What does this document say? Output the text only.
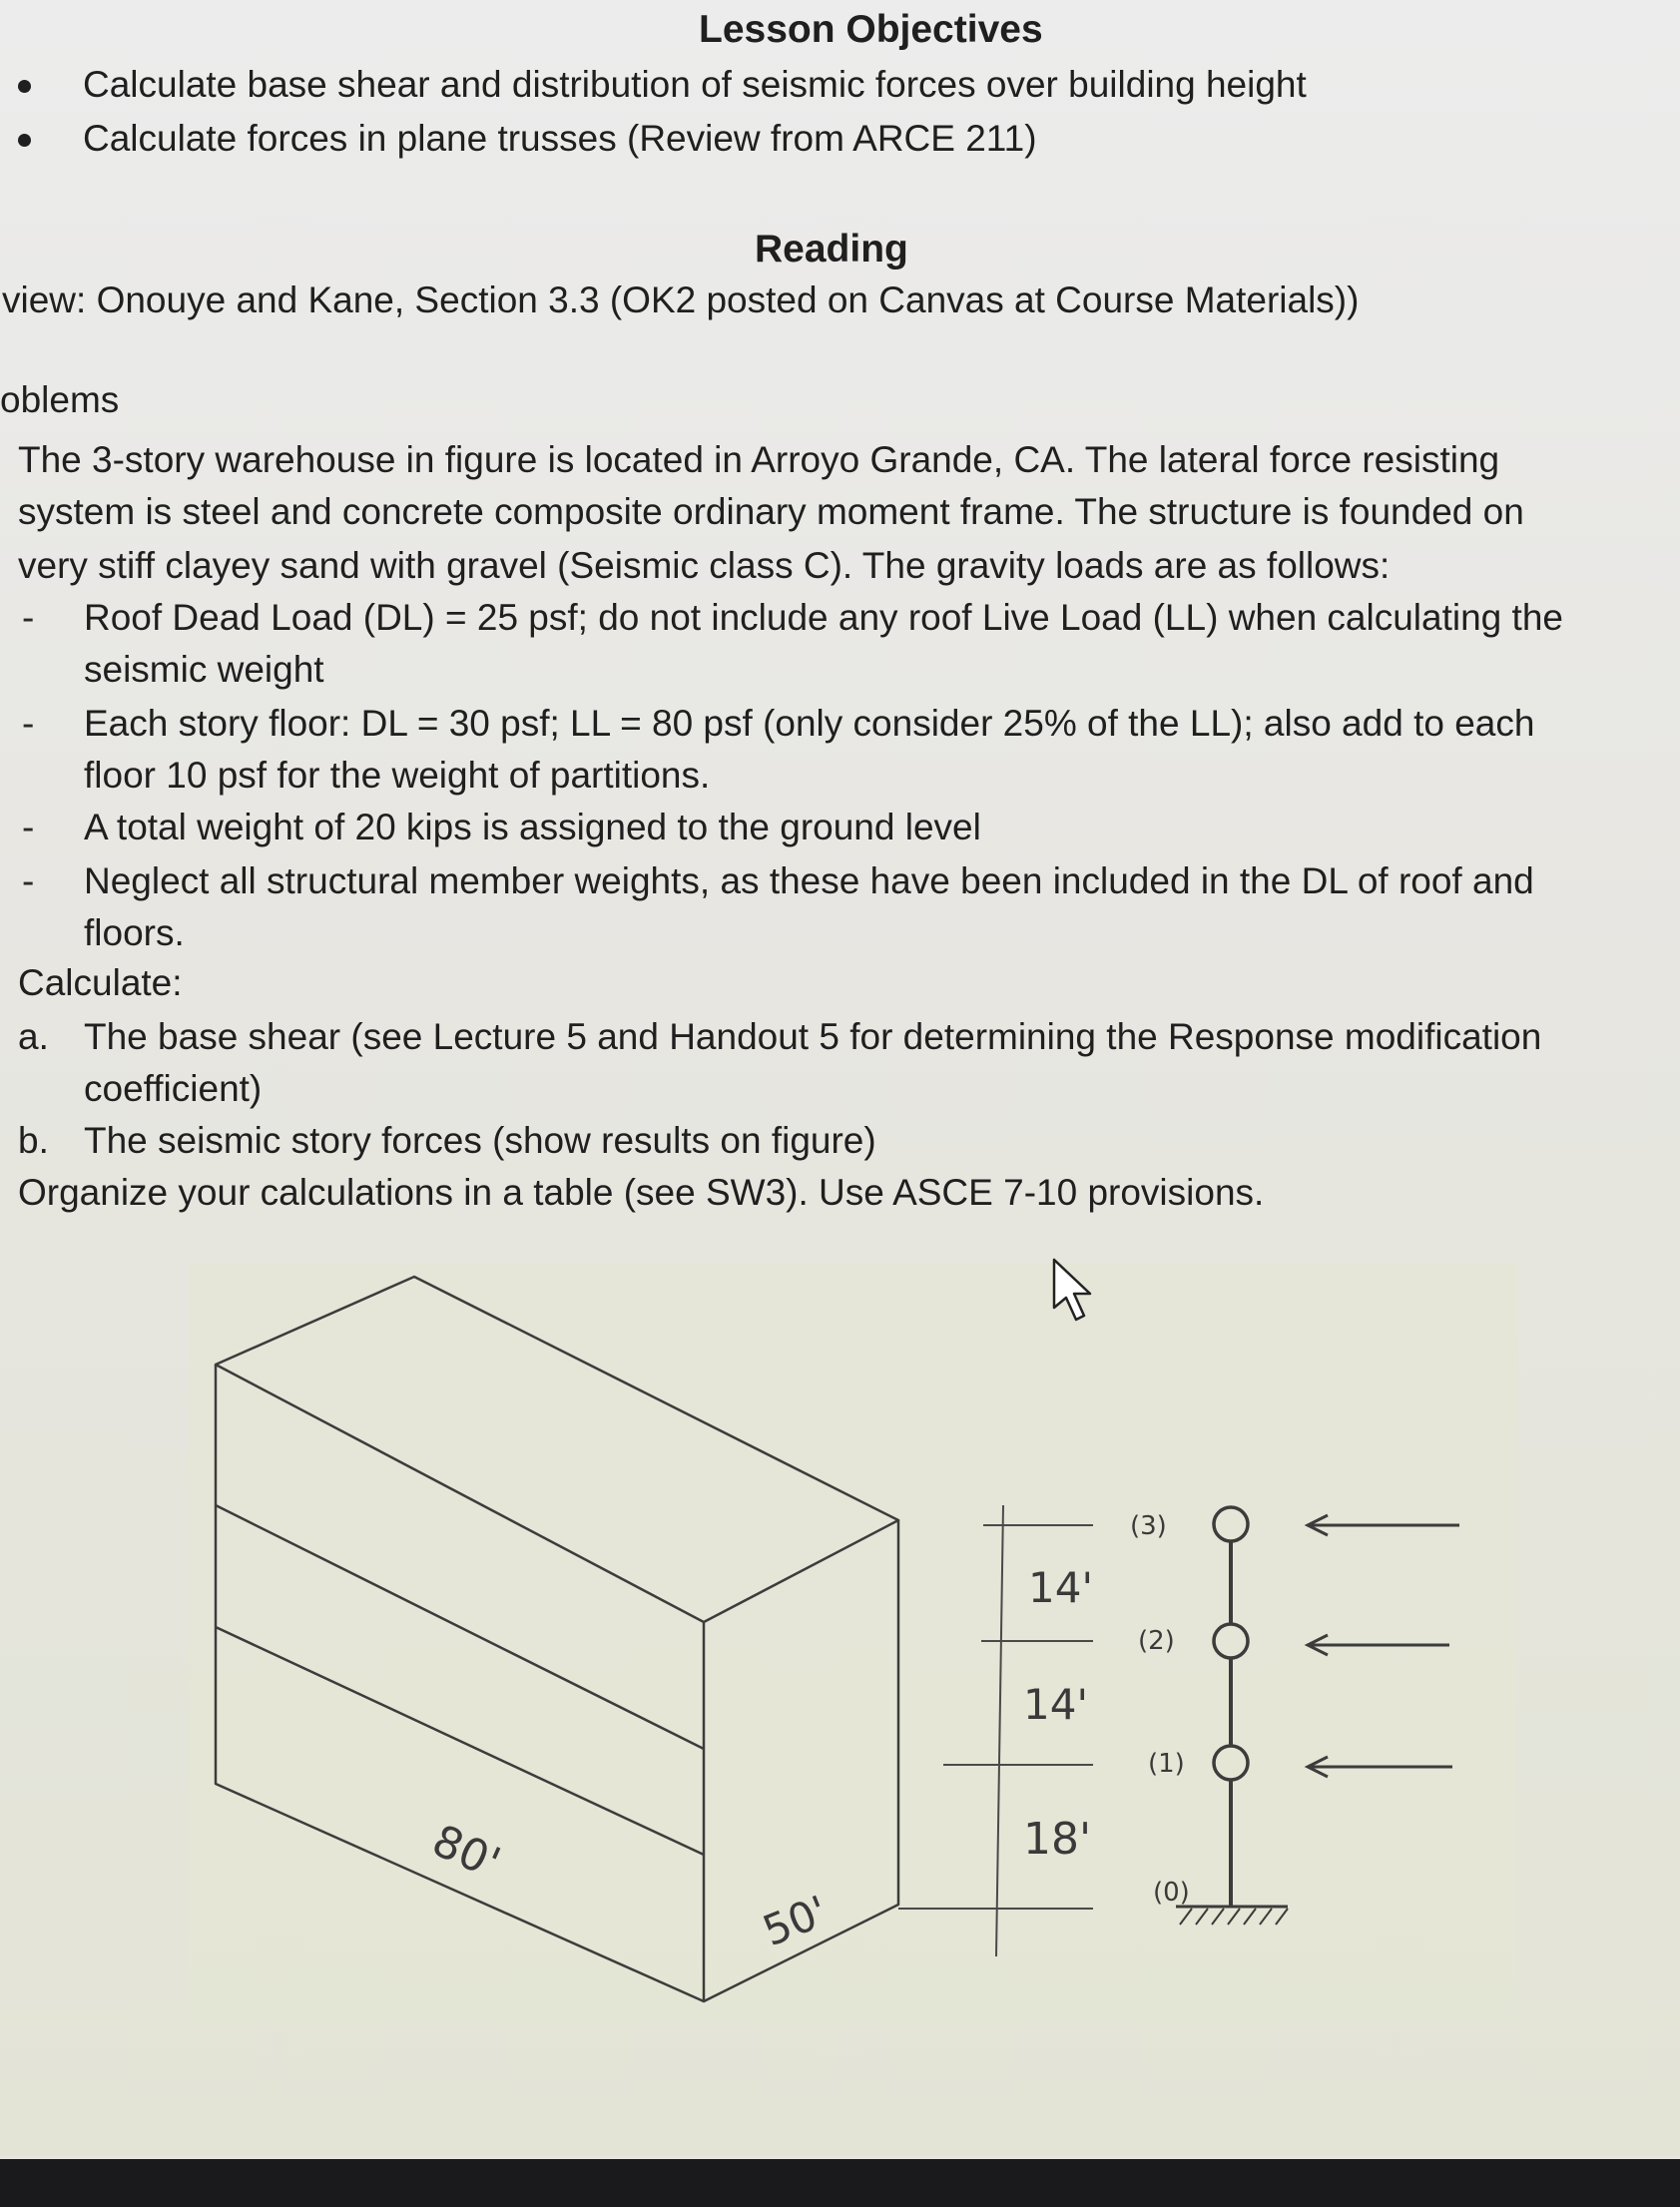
Lesson Objectives
Calculate base shear and distribution of seismic forces over building height
Calculate forces in plane trusses (Review from ARCE 211)
Reading
view: Onouye and Kane, Section 3.3 (OK2 posted on Canvas at Course Materials))
oblems
The 3-story warehouse in figure is located in Arroyo Grande, CA. The lateral force resisting
system is steel and concrete composite ordinary moment frame. The structure is founded on
very stiff clayey sand with gravel (Seismic class C). The gravity loads are as follows:
- Roof Dead Load (DL) = 25 psf; do not include any roof Live Load (LL) when calculating the
seismic weight
- Each story floor: DL = 30 psf; LL = 80 psf (only consider 25% of the LL); also add to each
floor 10 psf for the weight of partitions.
- A total weight of 20 kips is assigned to the ground level
- Neglect all structural member weights, as these have been included in the DL of roof and
floors.
Calculate:
a. The base shear (see Lecture 5 and Handout 5 for determining the Response modification
coefficient)
b. The seismic story forces (show results on figure)
Organize your calculations in a table (see SW3). Use ASCE 7-10 provisions.
80'
50'
14'
14'
18'
(3)
(2)
(1)
(0)
